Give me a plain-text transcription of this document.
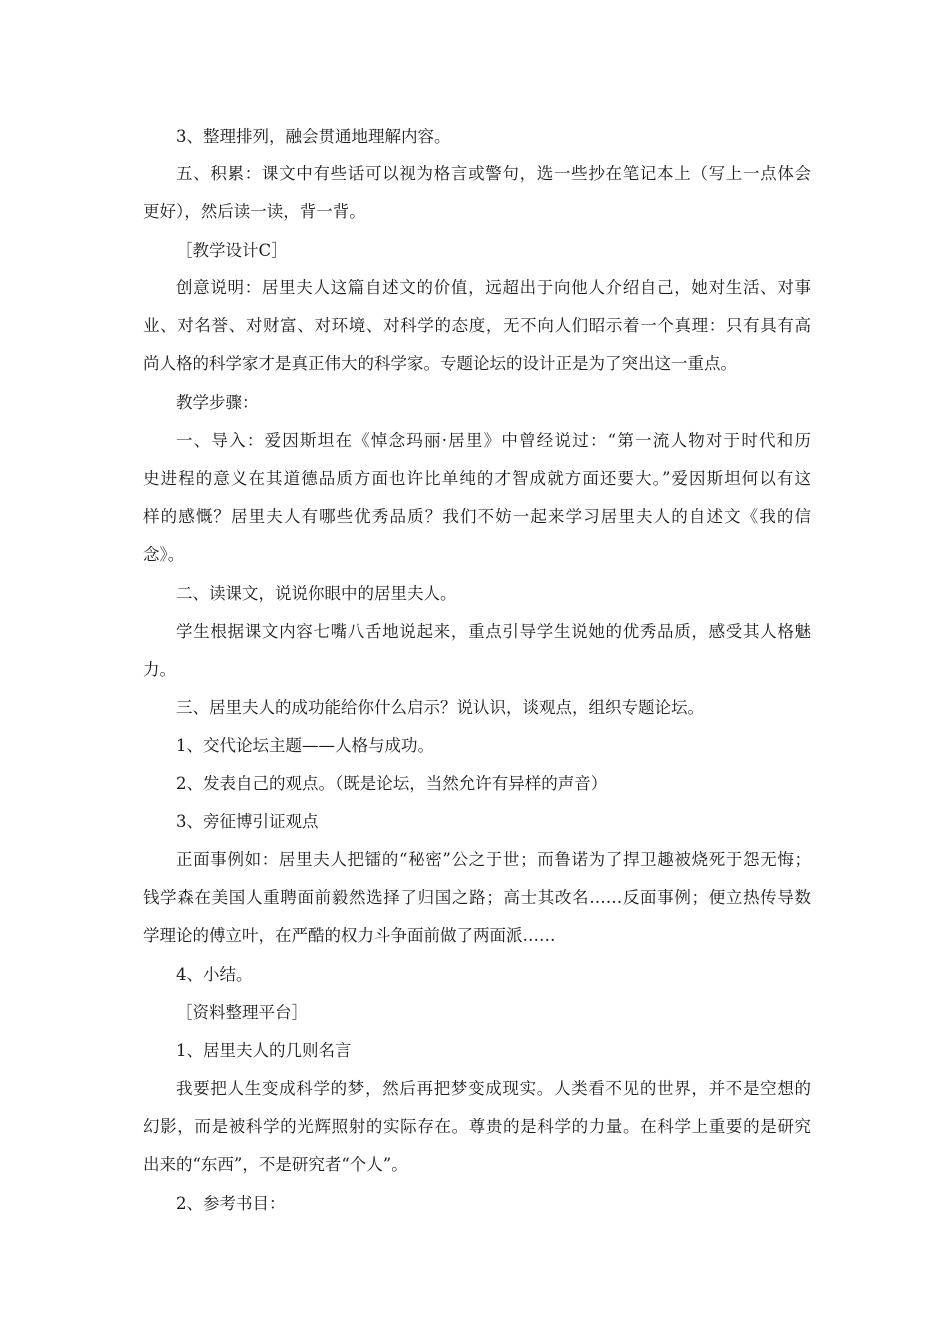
3、整理排列，融会贯通地理解内容。

五、积累：课文中有些话可以视为格言或警句，选一些抄在笔记本上（写上一点体会
更好），然后读一读，背一背。

［教学设计C］

创意说明：居里夫人这篇自述文的价值，远超出于向他人介绍自己，她对生活、对事
业、对名誉、对财富、对环境、对科学的态度，无不向人们昭示着一个真理：只有具有高
尚人格的科学家才是真正伟大的科学家。专题论坛的设计正是为了突出这一重点。

教学步骤：

一、导入：爱因斯坦在《悼念玛丽·居里》中曾经说过：“第一流人物对于时代和历
史进程的意义在其道德品质方面也许比单纯的才智成就方面还要大。”爱因斯坦何以有这
样的感慨？居里夫人有哪些优秀品质？我们不妨一起来学习居里夫人的自述文《我的信
念》。

二、读课文，说说你眼中的居里夫人。

学生根据课文内容七嘴八舌地说起来，重点引导学生说她的优秀品质，感受其人格魅
力。

三、居里夫人的成功能给你什么启示？说认识，谈观点，组织专题论坛。

1、交代论坛主题——人格与成功。

2、发表自己的观点。（既是论坛，当然允许有异样的声音）

3、旁征博引证观点

正面事例如：居里夫人把镭的“秘密”公之于世；而鲁诺为了捍卫趣被烧死于怨无悔；
钱学森在美国人重聘面前毅然选择了归国之路；高士其改名……反面事例；便立热传导数
学理论的傅立叶，在严酷的权力斗争面前做了两面派……

4、小结。

［资料整理平台］

1、居里夫人的几则名言

我要把人生变成科学的梦，然后再把梦变成现实。人类看不见的世界，并不是空想的
幻影，而是被科学的光辉照射的实际存在。尊贵的是科学的力量。在科学上重要的是研究
出来的“东西”，不是研究者“个人”。

2、参考书目：
